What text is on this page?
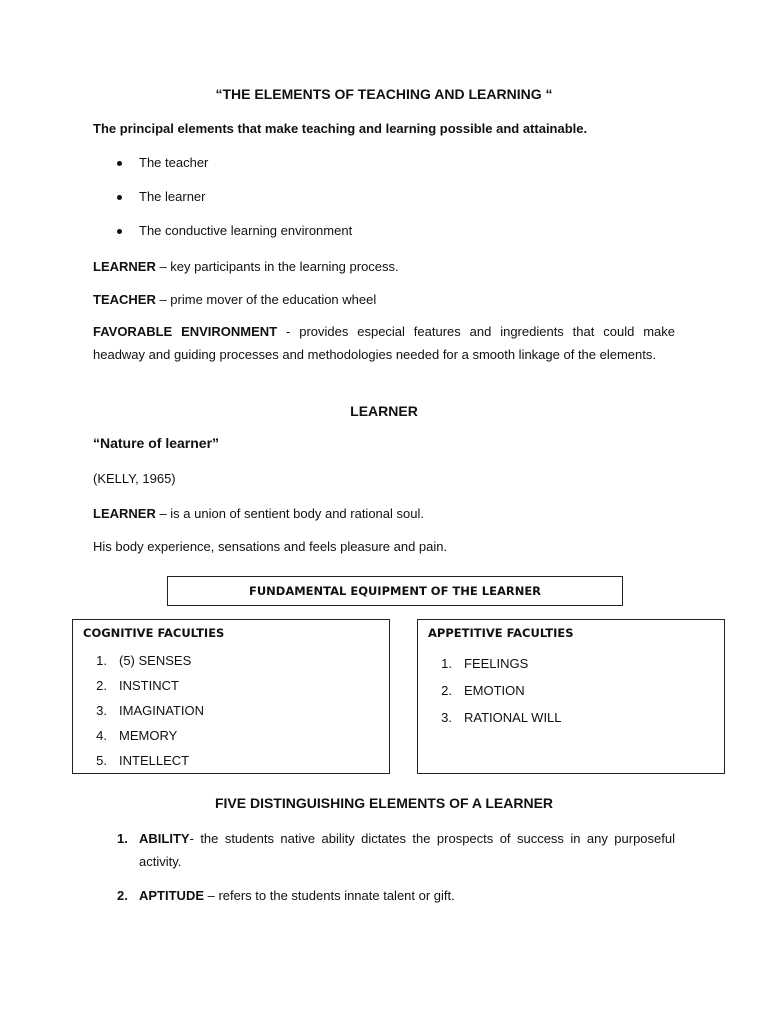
“THE ELEMENTS OF TEACHING AND LEARNING “
The principal elements that make teaching and learning possible and attainable.
The teacher
The learner
The conductive learning environment
LEARNER – key participants in the learning process.
TEACHER – prime mover of the education wheel
FAVORABLE ENVIRONMENT - provides especial features and ingredients that could make headway and guiding processes and methodologies needed for a smooth linkage of the elements.
LEARNER
“Nature of learner”
(KELLY, 1965)
LEARNER – is a union of sentient body and rational soul.
His body experience, sensations and feels pleasure and pain.
FUNDAMENTAL EQUIPMENT OF THE LEARNER
COGNITIVE FACULTIES
1. (5) SENSES
2. INSTINCT
3. IMAGINATION
4. MEMORY
5. INTELLECT
APPETITIVE FACULTIES
1. FEELINGS
2. EMOTION
3. RATIONAL WILL
FIVE DISTINGUISHING ELEMENTS OF A LEARNER
1. ABILITY- the students native ability dictates the prospects of success in any purposeful activity.
2. APTITUDE – refers to the students innate talent or gift.
